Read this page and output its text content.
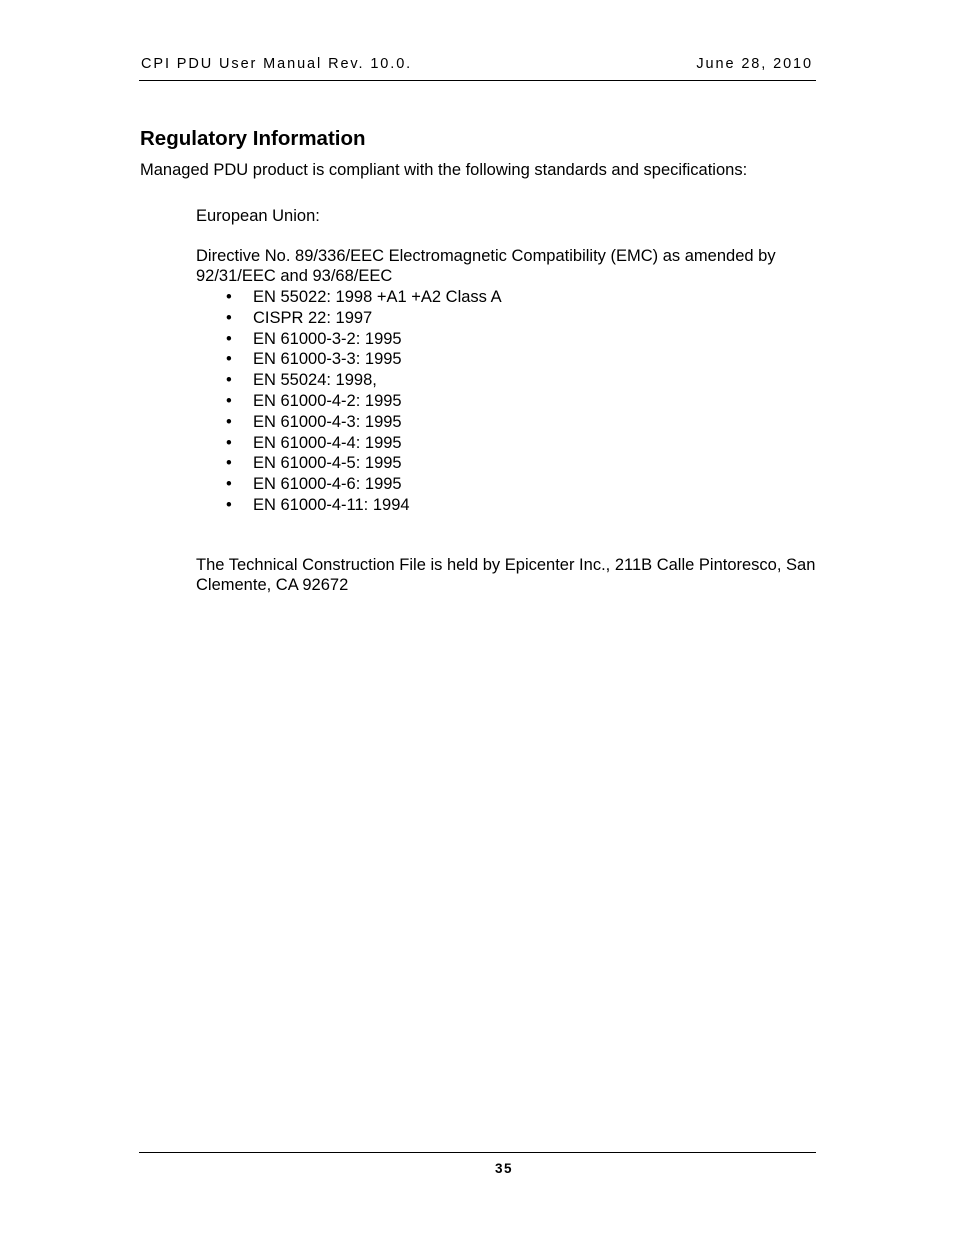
CPI PDU User Manual Rev. 10.0.	June 28, 2010
Regulatory Information

Managed PDU product is compliant with the following standards and specifications:

European Union:

Directive No. 89/336/EEC Electromagnetic Compatibility (EMC) as amended by 92/31/EEC and 93/68/EEC

• EN 55022: 1998 +A1 +A2 Class A
• CISPR 22: 1997
• EN 61000-3-2: 1995
• EN 61000-3-3: 1995
• EN 55024: 1998,
• EN 61000-4-2: 1995
• EN 61000-4-3: 1995
• EN 61000-4-4: 1995
• EN 61000-4-5: 1995
• EN 61000-4-6: 1995
• EN 61000-4-11: 1994

The Technical Construction File is held by Epicenter Inc., 211B Calle Pintoresco, San Clemente, CA 92672

35
